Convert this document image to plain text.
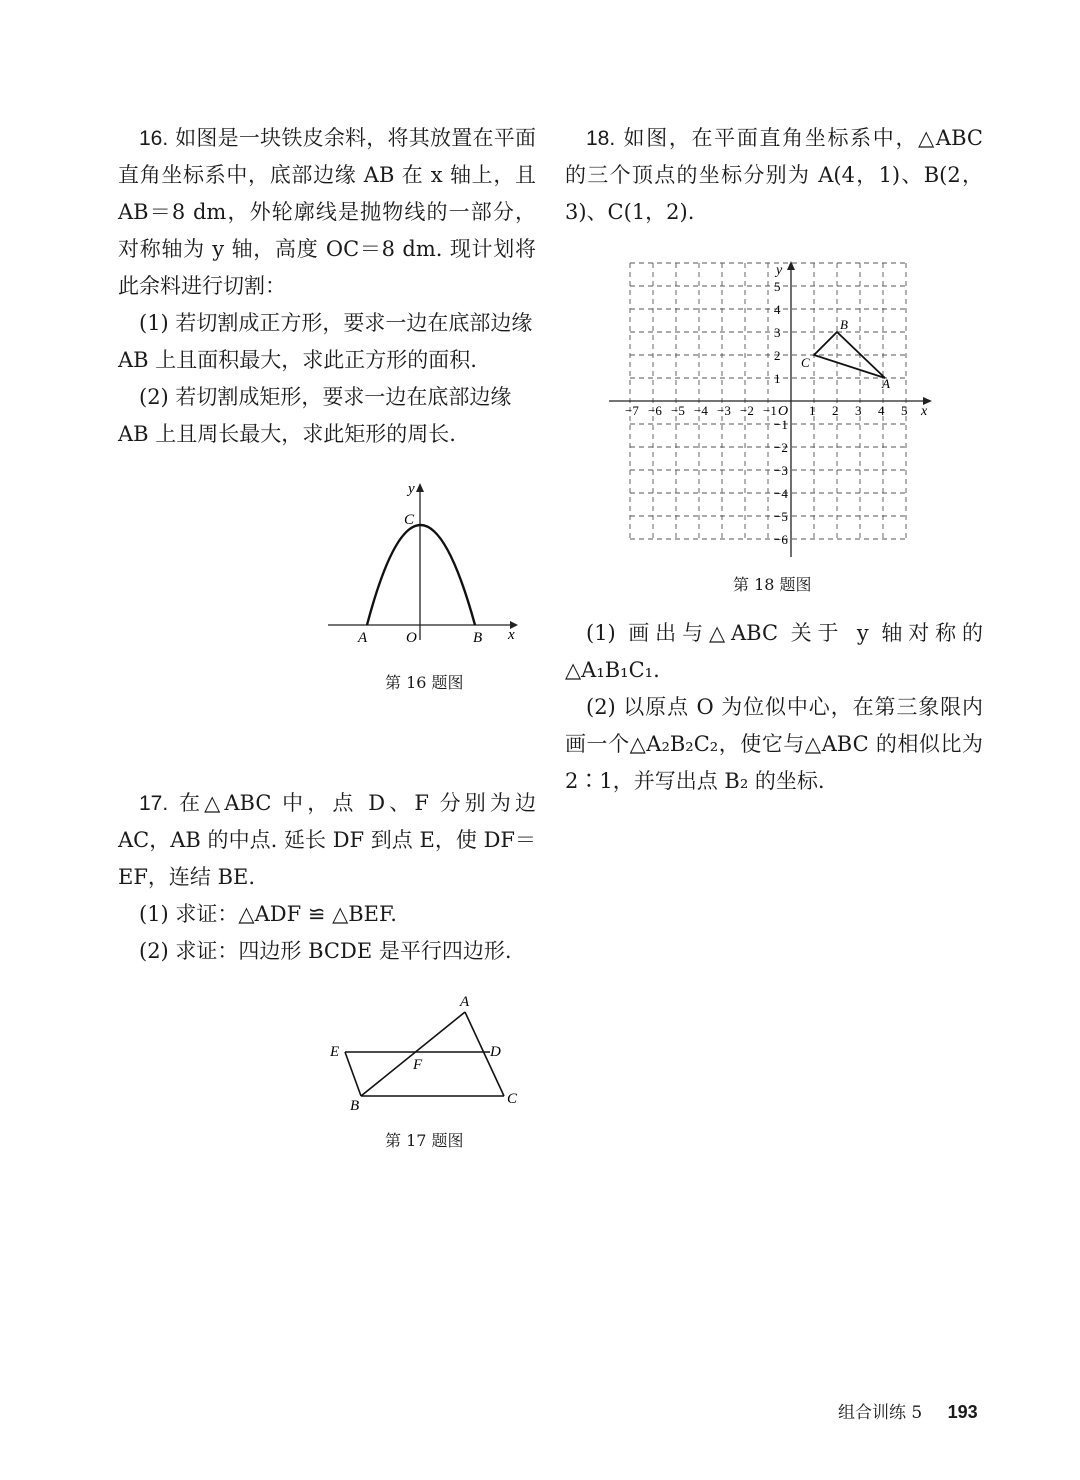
16. 如图是一块铁皮余料，将其放置在平面直角坐标系中，底部边缘 AB 在 x 轴上，且 AB＝8 dm，外轮廓线是抛物线的一部分，对称轴为 y 轴，高度 OC＝8 dm. 现计划将此余料进行切割：

(1) 若切割成正方形，要求一边在底部边缘 AB 上且面积最大，求此正方形的面积.

(2) 若切割成矩形，要求一边在底部边缘 AB 上且周长最大，求此矩形的周长.

y
C
A	O	B x
第 16 题图

17. 在△ABC 中，点 D、F 分别为边 AC，AB 的中点. 延长 DF 到点 E，使 DF＝EF，连结 BE.

(1) 求证：△ADF ≌ △BEF.

(2) 求证：四边形 BCDE 是平行四边形.

A
E
F
D
B	C
第 17 题图

18. 如图，在平面直角坐标系中，△ABC 的三个顶点的坐标分别为 A(4，1)、B(2，3)、C(1，2).

−7 −6 −5 −4 −3 −2 −1 1 2 3 4 5
5
4
3
2
1
−1
−2
−3
−4
−5
−6
y
x
O
A
B
C
第 18 题图

(1) 画出与△ABC 关于 y 轴对称的△A₁B₁C₁.

(2) 以原点 O 为位似中心，在第三象限内画一个△A₂B₂C₂，使它与△ABC 的相似比为 2∶1，并写出点 B₂ 的坐标.

组合训练 5 193
